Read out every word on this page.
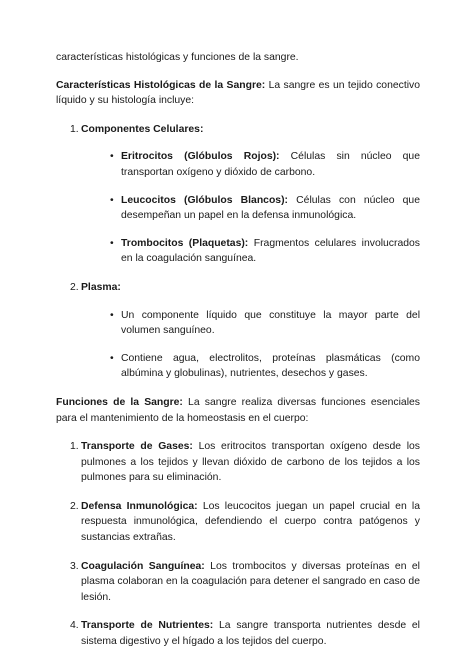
características histológicas y funciones de la sangre.

Características Histológicas de la Sangre: La sangre es un tejido conectivo líquido y su histología incluye:

1 . Componentes Celulares:
• Eritrocitos (Glóbulos Rojos): Células sin núcleo que transportan oxígeno y dióxido de carbono.
• Leucocitos (Glóbulos Blancos): Células con núcleo que desempeñan un papel en la defensa inmunológica.
• Trombocitos (Plaquetas): Fragmentos celulares involucrados en la coagulación sanguínea.
2 . Plasma:
• Un componente líquido que constituye la mayor parte del volumen sanguíneo.
• Contiene agua, electrolitos, proteínas plasmáticas (como albúmina y globulinas), nutrientes, desechos y gases.

Funciones de la Sangre: La sangre realiza diversas funciones esenciales para el mantenimiento de la homeostasis en el cuerpo:

1 . Transporte de Gases: Los eritrocitos transportan oxígeno desde los pulmones a los tejidos y llevan dióxido de carbono de los tejidos a los pulmones para su eliminación.
2 . Defensa Inmunológica: Los leucocitos juegan un papel crucial en la respuesta inmunológica, defendiendo el cuerpo contra patógenos y sustancias extrañas.
3 . Coagulación Sanguínea: Los trombocitos y diversas proteínas en el plasma colaboran en la coagulación para detener el sangrado en caso de lesión.
4 . Transporte de Nutrientes: La sangre transporta nutrientes desde el sistema digestivo y el hígado a los tejidos del cuerpo.
